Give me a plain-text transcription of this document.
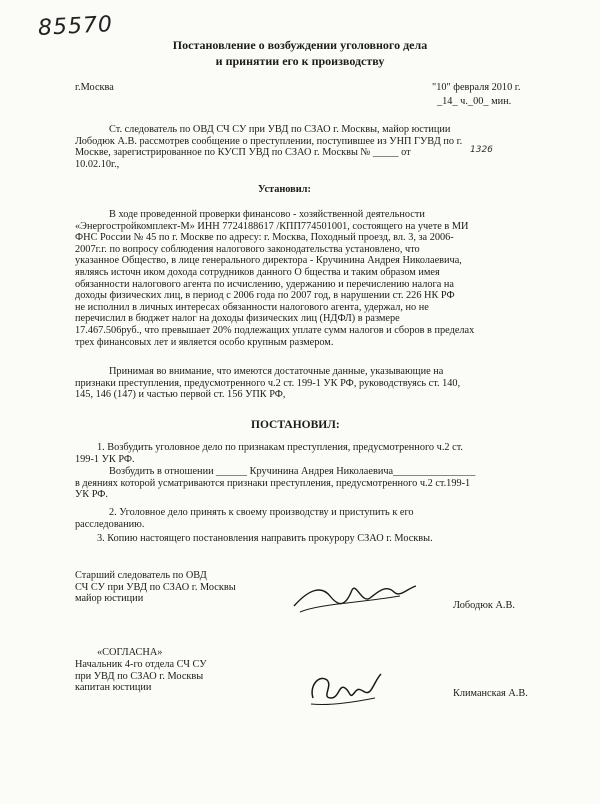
85570
Постановление о возбуждении уголовного дела
и принятии его к производству
г.Москва	"10" февраля 2010 г.
_14_ ч._00_ мин.
Ст. следователь по ОВД СЧ СУ при УВД по СЗАО г. Москвы, майор юстиции
Лободюк А.В. рассмотрев сообщение о преступлении, поступившее из УНП ГУВД по г.
Москве, зарегистрированное по КУСП УВД по СЗАО г. Москвы № _____ от
10.02.10г.,
1326
Установил:
В ходе проведенной проверки финансово - хозяйственной деятельности
«Энергостройкомплект-М» ИНН 7724188617 /КПП774501001, состоящего на учете в МИ
ФНС России № 45 по г. Москве по адресу: г. Москва, Походный проезд, вл. 3, за 2006-
2007г.г. по вопросу соблюдения налогового законодательства установлено, что
указанное Общество, в лице генерального директора - Кручинина Андрея Николаевича,
являясь источн иком дохода сотрудников данного О бщества и таким образом имея
обязанности налогового агента по исчислению, удержанию и перечислению налога на
доходы физических лиц, в период с 2006 года по 2007 год, в нарушении ст. 226 НК РФ
не исполнил в личных интересах обязанности налогового агента, удержал, но не
перечислил в бюджет налог на доходы физических лиц (НДФЛ) в размере
17.467.506руб., что превышает 20% подлежащих уплате сумм налогов и сборов в пределах
трех финансовых лет и является особо крупным размером.
Принимая во внимание, что имеются достаточные данные, указывающие на
признаки преступления, предусмотренного ч.2 ст. 199-1 УК РФ, руководствуясь ст. 140,
145, 146 (147) и частью первой ст. 156 УПК РФ,
ПОСТАНОВИЛ:
1. Возбудить уголовное дело по признакам преступления, предусмотренного ч.2 ст.
199-1 УК РФ.
Возбудить в отношении ______ Кручинина Андрея Николаевича________________
в деяниях которой усматриваются признаки преступления, предусмотренного ч.2 ст.199-1
УК РФ.
2. Уголовное дело принять к своему производству и приступить к его
расследованию.
3. Копию настоящего постановления направить прокурору СЗАО г. Москвы.
Старший следователь по ОВД
СЧ СУ при УВД по СЗАО г. Москвы
майор юстиции
Лободюк А.В.
«СОГЛАСНА»
Начальник 4-го отдела СЧ СУ
при УВД по СЗАО г. Москвы
капитан юстиции
Климанская А.В.
